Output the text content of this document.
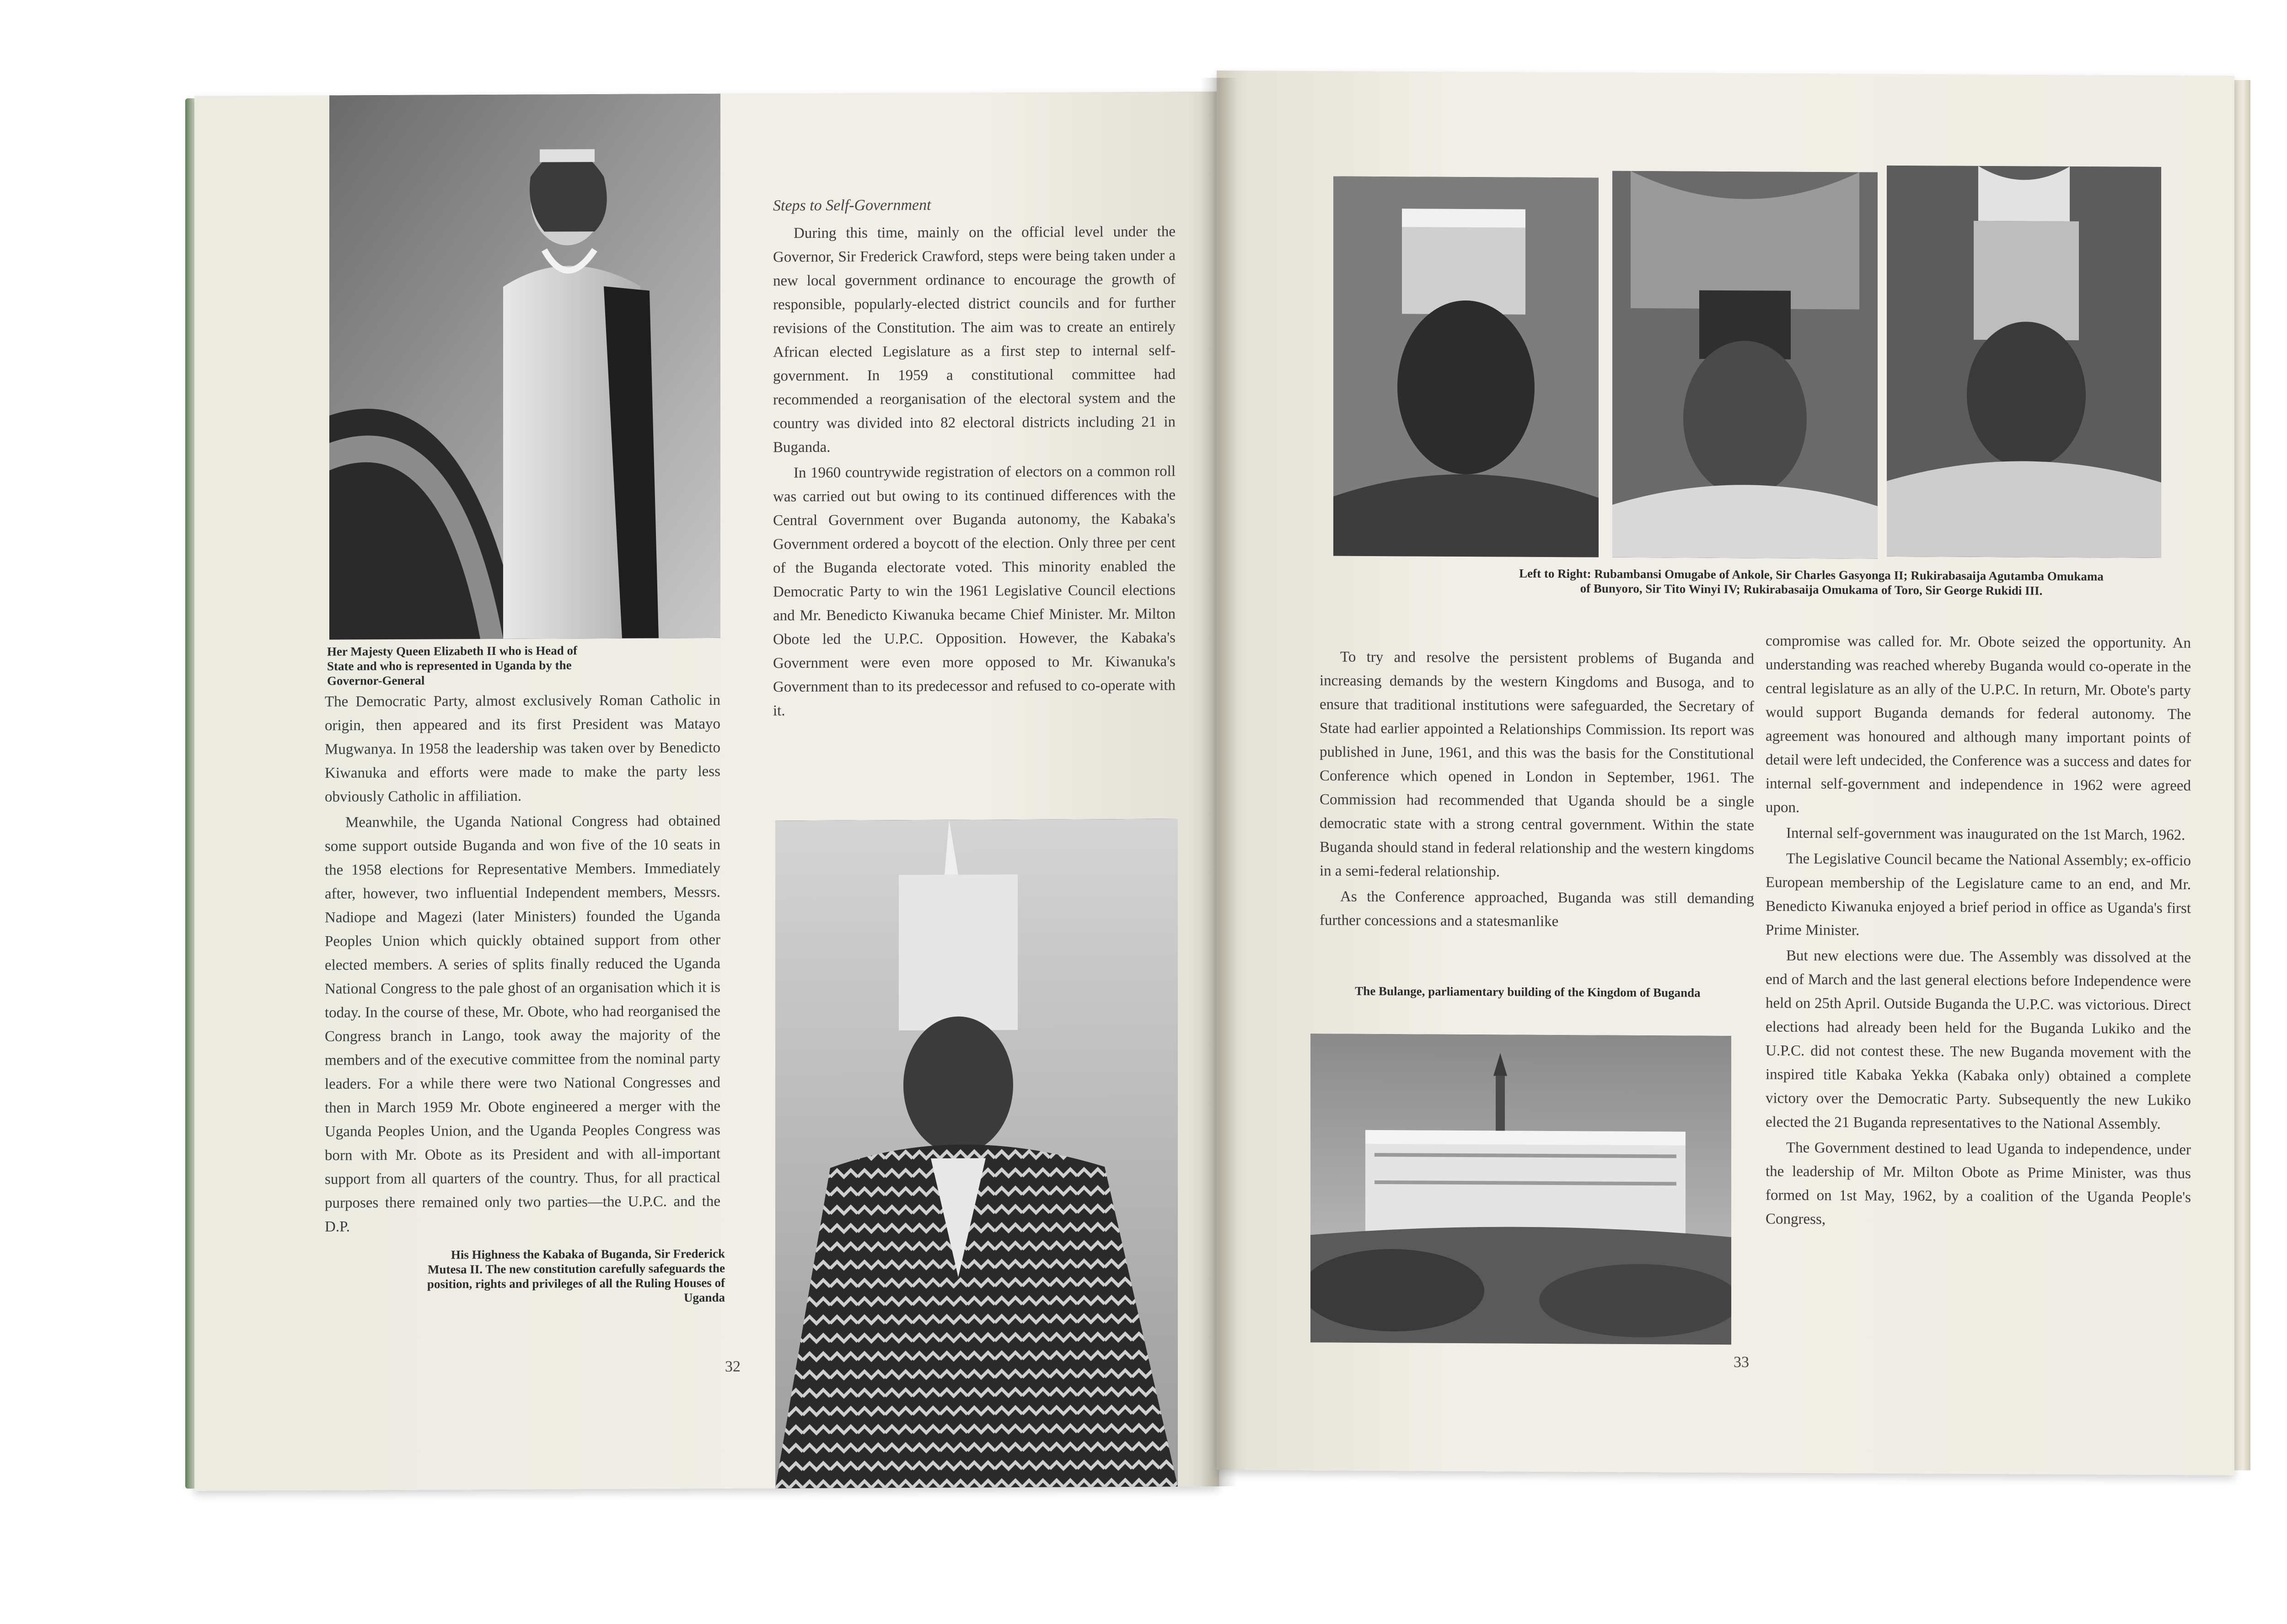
Her Majesty Queen Elizabeth II who is Head of State and who is represented in Uganda by the Governor-General

The Democratic Party, almost exclusively Roman Catholic in origin, then appeared and its first President was Matayo Mugwanya. In 1958 the leadership was taken over by Benedicto Kiwanuka and efforts were made to make the party less obviously Catholic in affiliation.

Meanwhile, the Uganda National Congress had obtained some support outside Buganda and won five of the 10 seats in the 1958 elections for Representative Members. Immediately after, however, two influential Independent members, Messrs. Nadiope and Magezi (later Ministers) founded the Uganda Peoples Union which quickly obtained support from other elected members. A series of splits finally reduced the Uganda National Congress to the pale ghost of an organisation which it is today. In the course of these, Mr. Obote, who had reorganised the Congress branch in Lango, took away the majority of the members and of the executive committee from the nominal party leaders. For a while there were two National Congresses and then in March 1959 Mr. Obote engineered a merger with the Uganda Peoples Union, and the Uganda Peoples Congress was born with Mr. Obote as its President and with all-important support from all quarters of the country. Thus, for all practical purposes there remained only two parties—the U.P.C. and the D.P.

Steps to Self-Government

During this time, mainly on the official level under the Governor, Sir Frederick Crawford, steps were being taken under a new local government ordinance to encourage the growth of responsible, popularly-elected district councils and for further revisions of the Constitution. The aim was to create an entirely African elected Legislature as a first step to internal self-government. In 1959 a constitutional committee had recommended a reorganisation of the electoral system and the country was divided into 82 electoral districts including 21 in Buganda.

In 1960 countrywide registration of electors on a common roll was carried out but owing to its continued differences with the Central Government over Buganda autonomy, the Kabaka's Government ordered a boycott of the election. Only three per cent of the Buganda electorate voted. This minority enabled the Democratic Party to win the 1961 Legislative Council elections and Mr. Benedicto Kiwanuka became Chief Minister. Mr. Milton Obote led the U.P.C. Opposition. However, the Kabaka's Government were even more opposed to Mr. Kiwanuka's Government than to its predecessor and refused to co-operate with it.

His Highness the Kabaka of Buganda, Sir Frederick Mutesa II. The new constitution carefully safeguards the position, rights and privileges of all the Ruling Houses of Uganda
32
Left to Right: Rubambansi Omugabe of Ankole, Sir Charles Gasyonga II; Rukirabasaija Agutamba Omukama of Bunyoro, Sir Tito Winyi IV; Rukirabasaija Omukama of Toro, Sir George Rukidi III.

To try and resolve the persistent problems of Buganda and increasing demands by the western Kingdoms and Busoga, and to ensure that traditional institutions were safeguarded, the Secretary of State had earlier appointed a Relationships Commission. Its report was published in June, 1961, and this was the basis for the Constitutional Conference which opened in London in September, 1961. The Commission had recommended that Uganda should be a single democratic state with a strong central government. Within the state Buganda should stand in federal relationship and the western kingdoms in a semi-federal relationship.

As the Conference approached, Buganda was still demanding further concessions and a statesmanlike

The Bulange, parliamentary building of the Kingdom of Buganda

compromise was called for. Mr. Obote seized the opportunity. An understanding was reached whereby Buganda would co-operate in the central legislature as an ally of the U.P.C. In return, Mr. Obote's party would support Buganda demands for federal autonomy. The agreement was honoured and although many important points of detail were left undecided, the Conference was a success and dates for internal self-government and independence in 1962 were agreed upon.

Internal self-government was inaugurated on the 1st March, 1962.

The Legislative Council became the National Assembly; ex-officio European membership of the Legislature came to an end, and Mr. Benedicto Kiwanuka enjoyed a brief period in office as Uganda's first Prime Minister.

But new elections were due. The Assembly was dissolved at the end of March and the last general elections before Independence were held on 25th April. Outside Buganda the U.P.C. was victorious. Direct elections had already been held for the Buganda Lukiko and the U.P.C. did not contest these. The new Buganda movement with the inspired title Kabaka Yekka (Kabaka only) obtained a complete victory over the Democratic Party. Subsequently the new Lukiko elected the 21 Buganda representatives to the National Assembly.

The Government destined to lead Uganda to independence, under the leadership of Mr. Milton Obote as Prime Minister, was thus formed on 1st May, 1962, by a coalition of the Uganda People's Congress,

33
